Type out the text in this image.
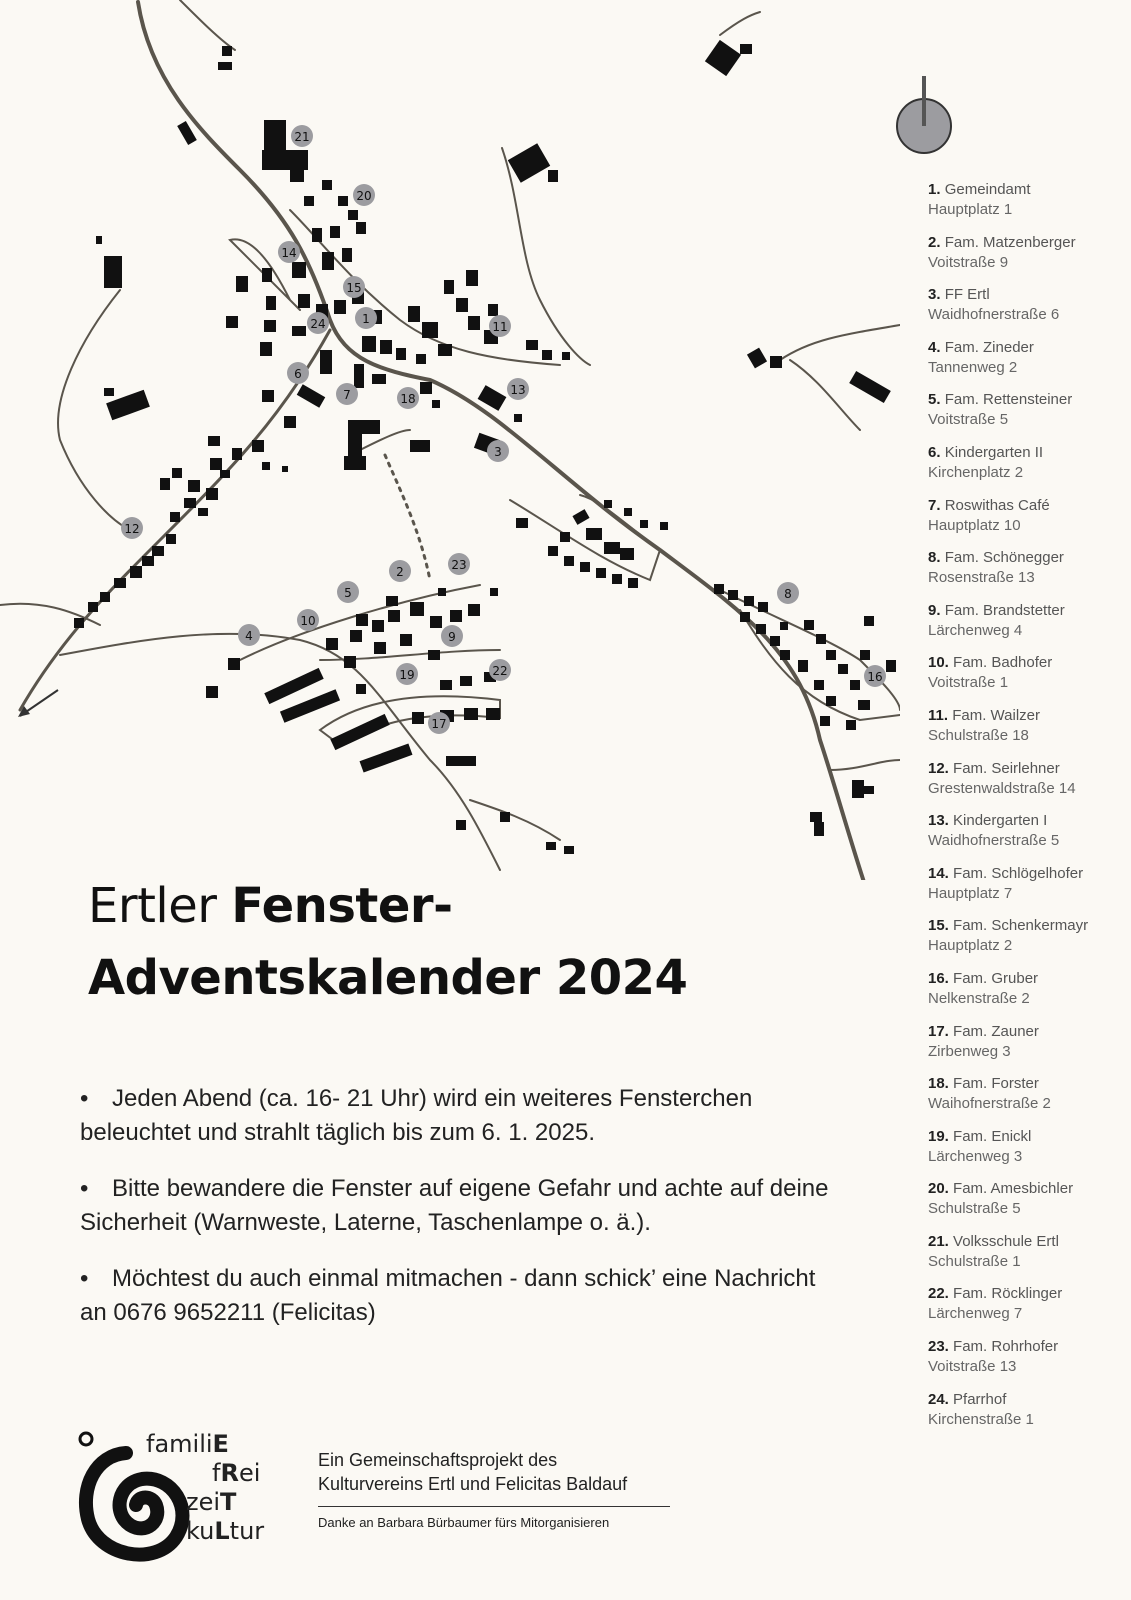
21
20
14
15
1
24
6
7	18
11
13
3
12
2	23
5
10
4	9
19	22
17
8
16
1. Gemeindamt
Hauptplatz 1
2. Fam. Matzenberger
Voitstraße 9
3. FF Ertl
Waidhofnerstraße 6
4. Fam. Zineder
Tannenweg 2
5. Fam. Rettensteiner
Voitstraße 5
6. Kindergarten II
Kirchenplatz 2
7. Roswithas Café
Hauptplatz 10
8. Fam. Schönegger
Rosenstraße 13
9. Fam. Brandstetter
Lärchenweg 4
10. Fam. Badhofer
Voitstraße 1
11. Fam. Wailzer
Schulstraße 18
12. Fam. Seirlehner
Grestenwaldstraße 14
13. Kindergarten I
Waidhofnerstraße 5
14. Fam. Schlögelhofer
Hauptplatz 7
15. Fam. Schenkermayr
Hauptplatz 2
16. Fam. Gruber
Nelkenstraße 2
17. Fam. Zauner
Zirbenweg 3
18. Fam. Forster
Waihofnerstraße 2
19. Fam. Enickl
Lärchenweg 3
20. Fam. Amesbichler
Schulstraße 5
21. Volksschule Ertl
Schulstraße 1
22. Fam. Röcklinger
Lärchenweg 7
23. Fam. Rohrhofer
Voitstraße 13
24. Pfarrhof
Kirchenstraße 1
Ertler Fenster-
Adventskalender 2024

• Jeden Abend (ca. 16- 21 Uhr) wird ein weiteres Fensterchen beleuchtet und strahlt täglich bis zum 6. 1. 2025.

• Bitte bewandere die Fenster auf eigene Gefahr und achte auf deine Sicherheit (Warnweste, Laterne, Taschenlampe o. ä.).

• Möchtest du auch einmal mitmachen - dann schick’ eine Nachricht an 0676 9652211 (Felicitas)

familiE
fRei
zeiT
kuLtur
Ein Gemeinschaftsprojekt des
Kulturvereins Ertl und Felicitas Baldauf
Danke an Barbara Bürbaumer fürs Mitorganisieren
